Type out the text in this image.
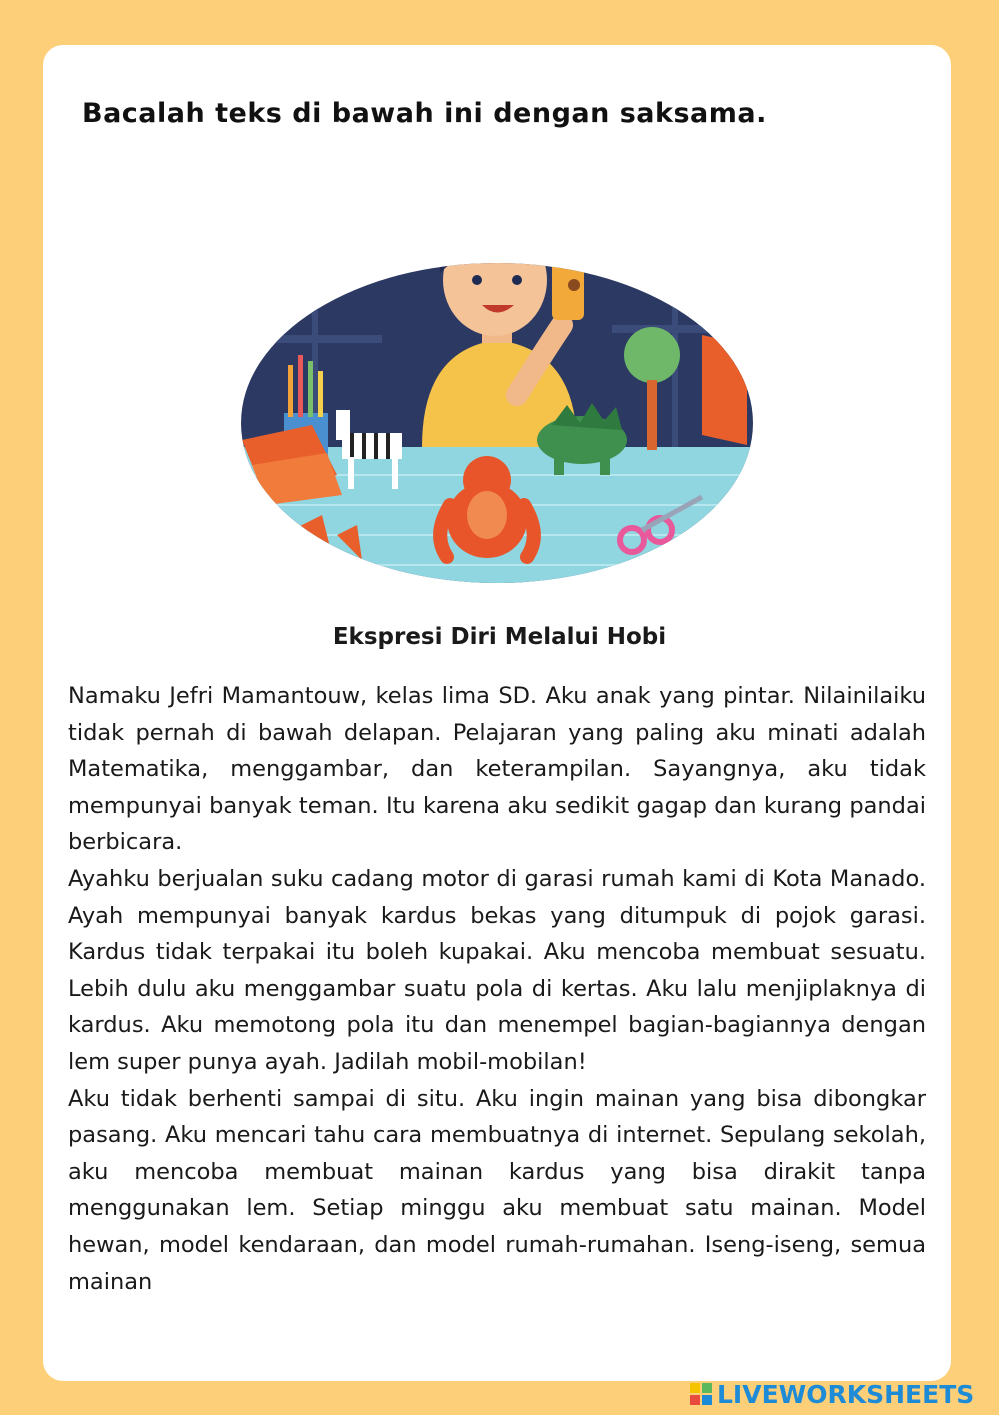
Bacalah teks di bawah ini dengan saksama.
Ekspresi Diri Melalui Hobi

Namaku Jefri Mamantouw, kelas lima SD. Aku anak yang pintar. Nilainilaiku tidak pernah di bawah delapan. Pelajaran yang paling aku minati adalah Matematika, menggambar, dan keterampilan. Sayangnya, aku tidak mempunyai banyak teman. Itu karena aku sedikit gagap dan kurang pandai berbicara.

Ayahku berjualan suku cadang motor di garasi rumah kami di Kota Manado. Ayah mempunyai banyak kardus bekas yang ditumpuk di pojok garasi. Kardus tidak terpakai itu boleh kupakai. Aku mencoba membuat sesuatu. Lebih dulu aku menggambar suatu pola di kertas. Aku lalu menjiplaknya di kardus. Aku memotong pola itu dan menempel bagian-bagiannya dengan lem super punya ayah. Jadilah mobil-mobilan!

Aku tidak berhenti sampai di situ. Aku ingin mainan yang bisa dibongkar pasang. Aku mencari tahu cara membuatnya di internet. Sepulang sekolah, aku mencoba membuat mainan kardus yang bisa dirakit tanpa menggunakan lem. Setiap minggu aku membuat satu mainan. Model hewan, model kendaraan, dan model rumah-rumahan. Iseng-iseng, semua mainan

LIVEWORKSHEETS
